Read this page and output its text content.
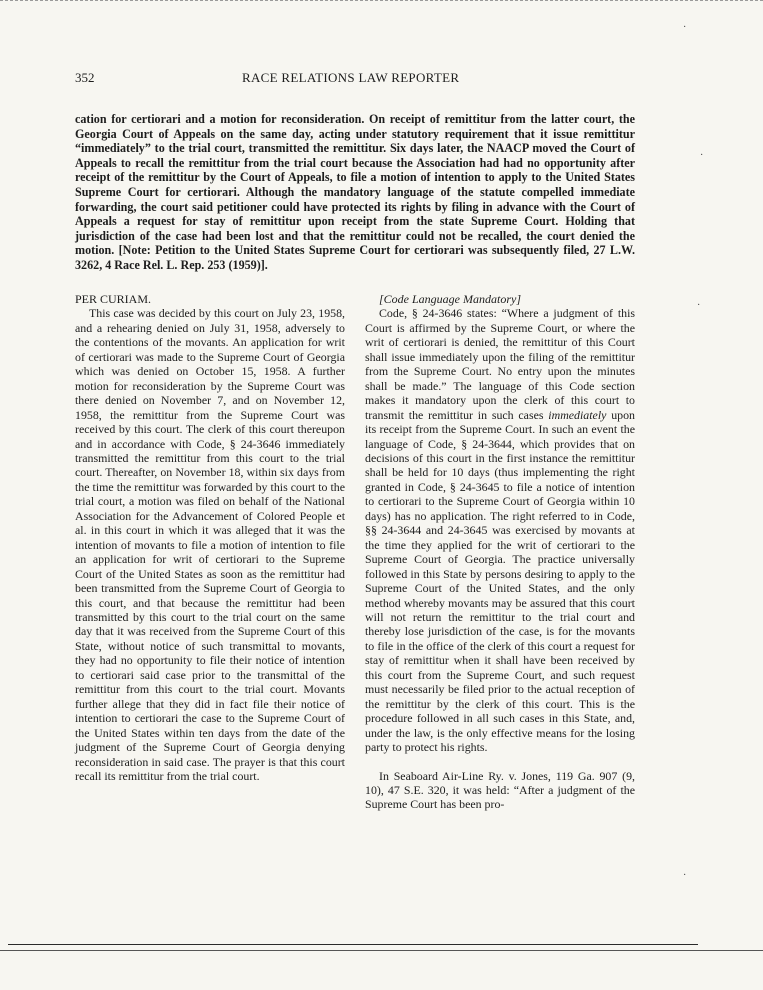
352	RACE RELATIONS LAW REPORTER

cation for certiorari and a motion for reconsideration. On receipt of remittitur from the latter court, the Georgia Court of Appeals on the same day, acting under statutory requirement that it issue remittitur “immediately” to the trial court, transmitted the remittitur. Six days later, the NAACP moved the Court of Appeals to recall the remittitur from the trial court because the Association had had no opportunity after receipt of the remittitur by the Court of Appeals, to file a motion of intention to apply to the United States Supreme Court for certiorari. Although the mandatory language of the statute compelled immediate forwarding, the court said petitioner could have protected its rights by filing in advance with the Court of Appeals a request for stay of remittitur upon receipt from the state Supreme Court. Holding that jurisdiction of the case had been lost and that the remittitur could not be recalled, the court denied the motion. [Note: Petition to the United States Supreme Court for certiorari was subsequently filed, 27 L.W. 3262, 4 Race Rel. L. Rep. 253 (1959)].

PER CURIAM.

This case was decided by this court on July 23, 1958, and a rehearing denied on July 31, 1958, adversely to the contentions of the movants. An application for writ of certiorari was made to the Supreme Court of Georgia which was denied on October 15, 1958. A further motion for reconsideration by the Supreme Court was there denied on November 7, and on November 12, 1958, the remittitur from the Supreme Court was received by this court. The clerk of this court thereupon and in accordance with Code, § 24-3646 immediately transmitted the remittitur from this court to the trial court. Thereafter, on November 18, within six days from the time the remittitur was forwarded by this court to the trial court, a motion was filed on behalf of the National Association for the Advancement of Colored People et al. in this court in which it was alleged that it was the intention of movants to file a motion of intention to file an application for writ of certiorari to the Supreme Court of the United States as soon as the remittitur had been transmitted from the Supreme Court of Georgia to this court, and that because the remittitur had been transmitted by this court to the trial court on the same day that it was received from the Supreme Court of this State, without notice of such transmittal to movants, they had no opportunity to file their notice of intention to certiorari said case prior to the transmittal of the remittitur from this court to the trial court. Movants further allege that they did in fact file their notice of intention to certiorari the case to the Supreme Court of the United States within ten days from the date of the judgment of the Supreme Court of Georgia denying reconsideration in said case. The prayer is that this court recall its remittitur from the trial court.

[Code Language Mandatory]

Code, § 24-3646 states: “Where a judgment of this Court is affirmed by the Supreme Court, or where the writ of certiorari is denied, the remittitur of this Court shall issue immediately upon the filing of the remittitur from the Supreme Court. No entry upon the minutes shall be made.” The language of this Code section makes it mandatory upon the clerk of this court to transmit the remittitur in such cases immediately upon its receipt from the Supreme Court. In such an event the language of Code, § 24-3644, which provides that on decisions of this court in the first instance the remittitur shall be held for 10 days (thus implementing the right granted in Code, § 24-3645 to file a notice of intention to certiorari to the Supreme Court of Georgia within 10 days) has no application. The right referred to in Code, §§ 24-3644 and 24-3645 was exercised by movants at the time they applied for the writ of certiorari to the Supreme Court of Georgia. The practice universally followed in this State by persons desiring to apply to the Supreme Court of the United States, and the only method whereby movants may be assured that this court will not return the remittitur to the trial court and thereby lose jurisdiction of the case, is for the movants to file in the office of the clerk of this court a request for stay of remittitur when it shall have been received by this court from the Supreme Court, and such request must necessarily be filed prior to the actual reception of the remittitur by the clerk of this court. This is the procedure followed in all such cases in this State, and, under the law, is the only effective means for the losing party to protect his rights.

In Seaboard Air-Line Ry. v. Jones, 119 Ga. 907 (9, 10), 47 S.E. 320, it was held: “After a judgment of the Supreme Court has been pro-

·
·
·
·
